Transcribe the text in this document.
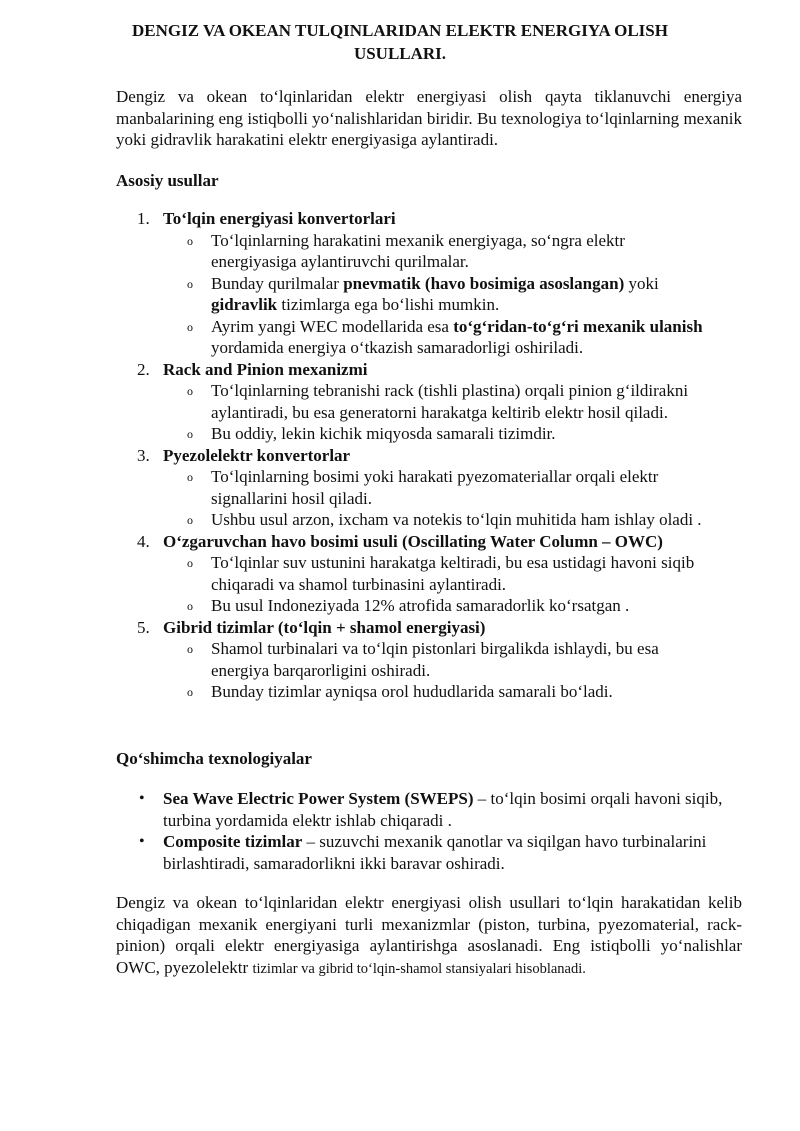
DENGIZ VA OKEAN TULQINLARIDAN ELEKTR ENERGIYA OLISH USULLARI.
Dengiz va okean to‘lqinlaridan elektr energiyasi olish qayta tiklanuvchi energiya manbalarining eng istiqbolli yo‘nalishlaridan biridir. Bu texnologiya to‘lqinlarning mexanik yoki gidravlik harakatini elektr energiyasiga aylantiradi.
Asosiy usullar
1. To‘lqin energiyasi konvertorlari
o To‘lqinlarning harakatini mexanik energiyaga, so‘ngra elektr energiyasiga aylantiruvchi qurilmalar.
o Bunday qurilmalar pnevmatik (havo bosimiga asoslangan) yoki gidravlik tizimlarga ega bo‘lishi mumkin.
o Ayrim yangi WEC modellarida esa to‘g‘ridan-to‘g‘ri mexanik ulanish yordamida energiya o‘tkazish samaradorligi oshiriladi.
2. Rack and Pinion mexanizmi
o To‘lqinlarning tebranishi rack (tishli plastina) orqali pinion g‘ildirakni aylantiradi, bu esa generatorni harakatga keltirib elektr hosil qiladi.
o Bu oddiy, lekin kichik miqyosda samarali tizimdir.
3. Pyezolelektr konvertorlar
o To‘lqinlarning bosimi yoki harakati pyezomateriallar orqali elektr signallarini hosil qiladi.
o Ushbu usul arzon, ixcham va notekis to‘lqin muhitida ham ishlay oladi .
4. O‘zgaruvchan havo bosimi usuli (Oscillating Water Column – OWC)
o To‘lqinlar suv ustunini harakatga keltiradi, bu esa ustidagi havoni siqib chiqaradi va shamol turbinasini aylantiradi.
o Bu usul Indoneziyada 12% atrofida samaradorlik ko‘rsatgan .
5. Gibrid tizimlar (to‘lqin + shamol energiyasi)
o Shamol turbinalari va to‘lqin pistonlari birgalikda ishlaydi, bu esa energiya barqarorligini oshiradi.
o Bunday tizimlar ayniqsa orol hududlarida samarali bo‘ladi.
Qo‘shimcha texnologiyalar
• Sea Wave Electric Power System (SWEPS) – to‘lqin bosimi orqali havoni siqib, turbina yordamida elektr ishlab chiqaradi .
• Composite tizimlar – suzuvchi mexanik qanotlar va siqilgan havo turbinalarini birlashtiradi, samaradorlikni ikki baravar oshiradi.
Dengiz va okean to‘lqinlaridan elektr energiyasi olish usullari to‘lqin harakatidan kelib chiqadigan mexanik energiyani turli mexanizmlar (piston, turbina, pyezomaterial, rack-pinion) orqali elektr energiyasiga aylantirishga asoslanadi. Eng istiqbolli yo‘nalishlar OWC, pyezolelektr tizimlar va gibrid to‘lqin-shamol stansiyalari hisoblanadi.
